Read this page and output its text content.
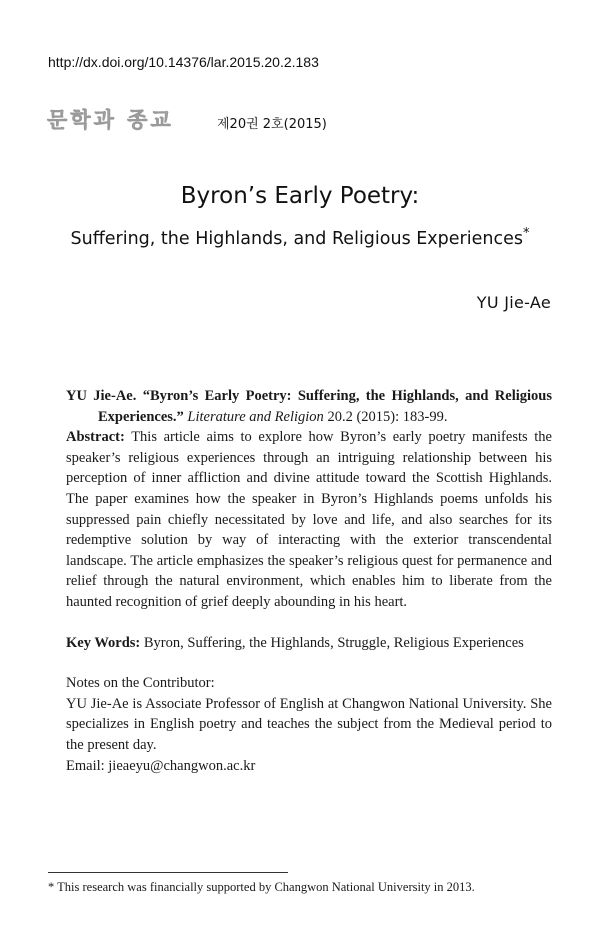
http://dx.doi.org/10.14376/lar.2015.20.2.183
문학과 종교	제20권 2호(2015)
Byron’s Early Poetry:
Suffering, the Highlands, and Religious Experiences*
YU Jie-Ae

YU Jie-Ae. “Byron’s Early Poetry: Suffering, the Highlands, and Religious Experiences.” Literature and Religion 20.2 (2015): 183-99.

Abstract: This article aims to explore how Byron’s early poetry manifests the speaker’s religious experiences through an intriguing relationship between his perception of inner affliction and divine attitude toward the Scottish Highlands. The paper examines how the speaker in Byron’s Highlands poems unfolds his suppressed pain chiefly necessitated by love and life, and also searches for its redemptive solution by way of interacting with the exterior transcendental landscape. The article emphasizes the speaker’s religious quest for permanence and relief through the natural environment, which enables him to liberate from the haunted recognition of grief deeply abounding in his heart.

Key Words: Byron, Suffering, the Highlands, Struggle, Religious Experiences

Notes on the Contributor:

YU Jie-Ae is Associate Professor of English at Changwon National University. She specializes in English poetry and teaches the subject from the Medieval period to the present day.

Email: jieaeyu@changwon.ac.kr

* This research was financially supported by Changwon National University in 2013.
